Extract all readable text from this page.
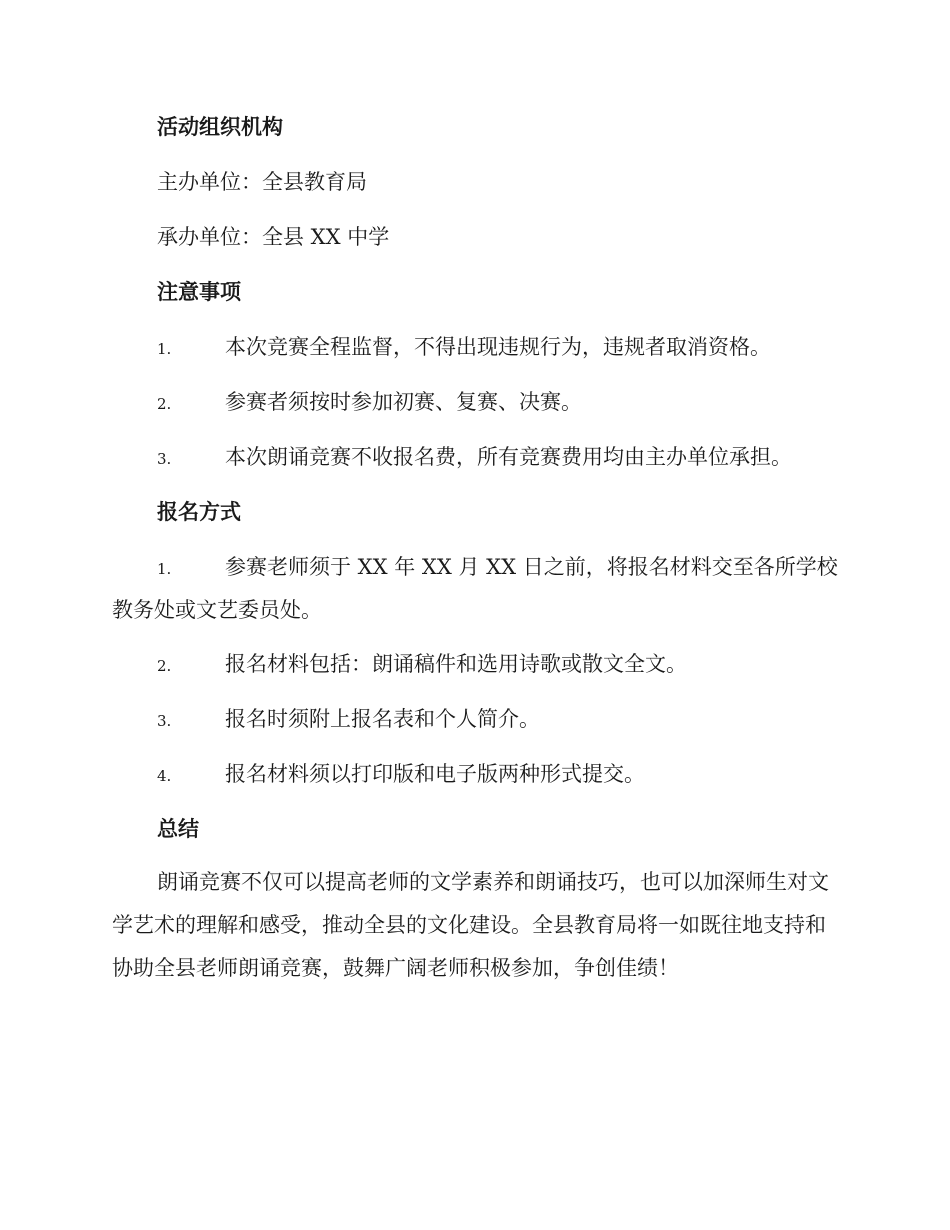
活动组织机构
主办单位：全县教育局
承办单位：全县 XX 中学
注意事项
1.	本次竞赛全程监督，不得出现违规行为，违规者取消资格。
2.	参赛者须按时参加初赛、复赛、决赛。
3.	本次朗诵竞赛不收报名费，所有竞赛费用均由主办单位承担。
报名方式
1.	参赛老师须于 XX 年 XX 月 XX 日之前，将报名材料交至各所学校教务处或文艺委员处。
2.	报名材料包括：朗诵稿件和选用诗歌或散文全文。
3.	报名时须附上报名表和个人简介。
4.	报名材料须以打印版和电子版两种形式提交。
总结
朗诵竞赛不仅可以提高老师的文学素养和朗诵技巧，也可以加深师生对文学艺术的理解和感受，推动全县的文化建设。全县教育局将一如既往地支持和协助全县老师朗诵竞赛，鼓舞广阔老师积极参加，争创佳绩！
